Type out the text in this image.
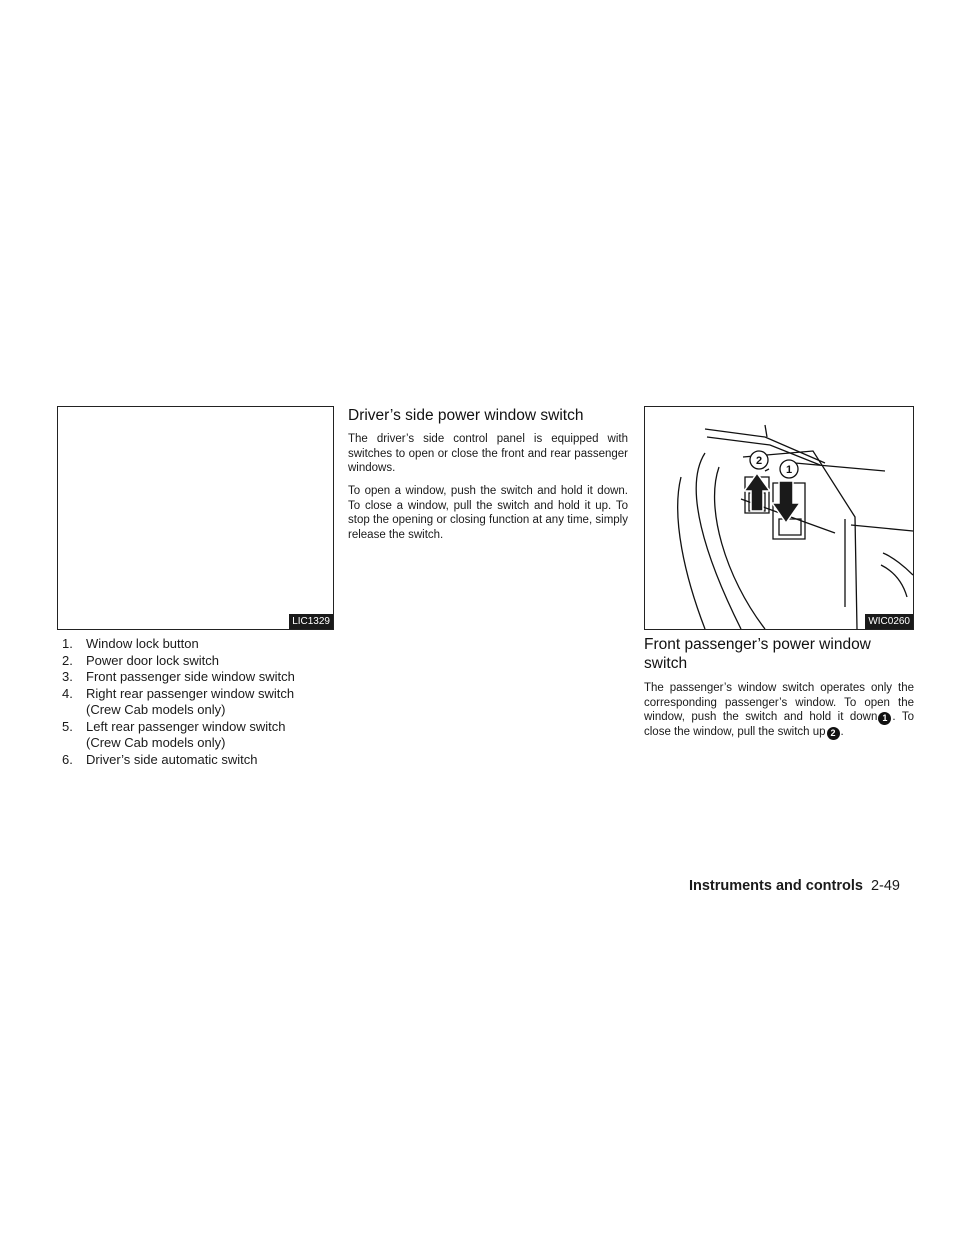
LIC1329
1. Window lock button
2. Power door lock switch
3. Front passenger side window switch
4. Right rear passenger window switch
(Crew Cab models only)
5. Left rear passenger window switch
(Crew Cab models only)
6. Driver’s side automatic switch
Driver’s side power window switch

The driver’s side control panel is equipped with switches to open or close the front and rear passenger windows.

To open a window, push the switch and hold it down. To close a window, pull the switch and hold it up. To stop the opening or closing function at any time, simply release the switch.

2
1
WIC0260
Front passenger’s power window switch

The passenger’s window switch operates only the corresponding passenger’s window. To open the window, push the switch and hold it down 1 . To close the window, pull the switch up 2 .

Instruments and controls 2-49
